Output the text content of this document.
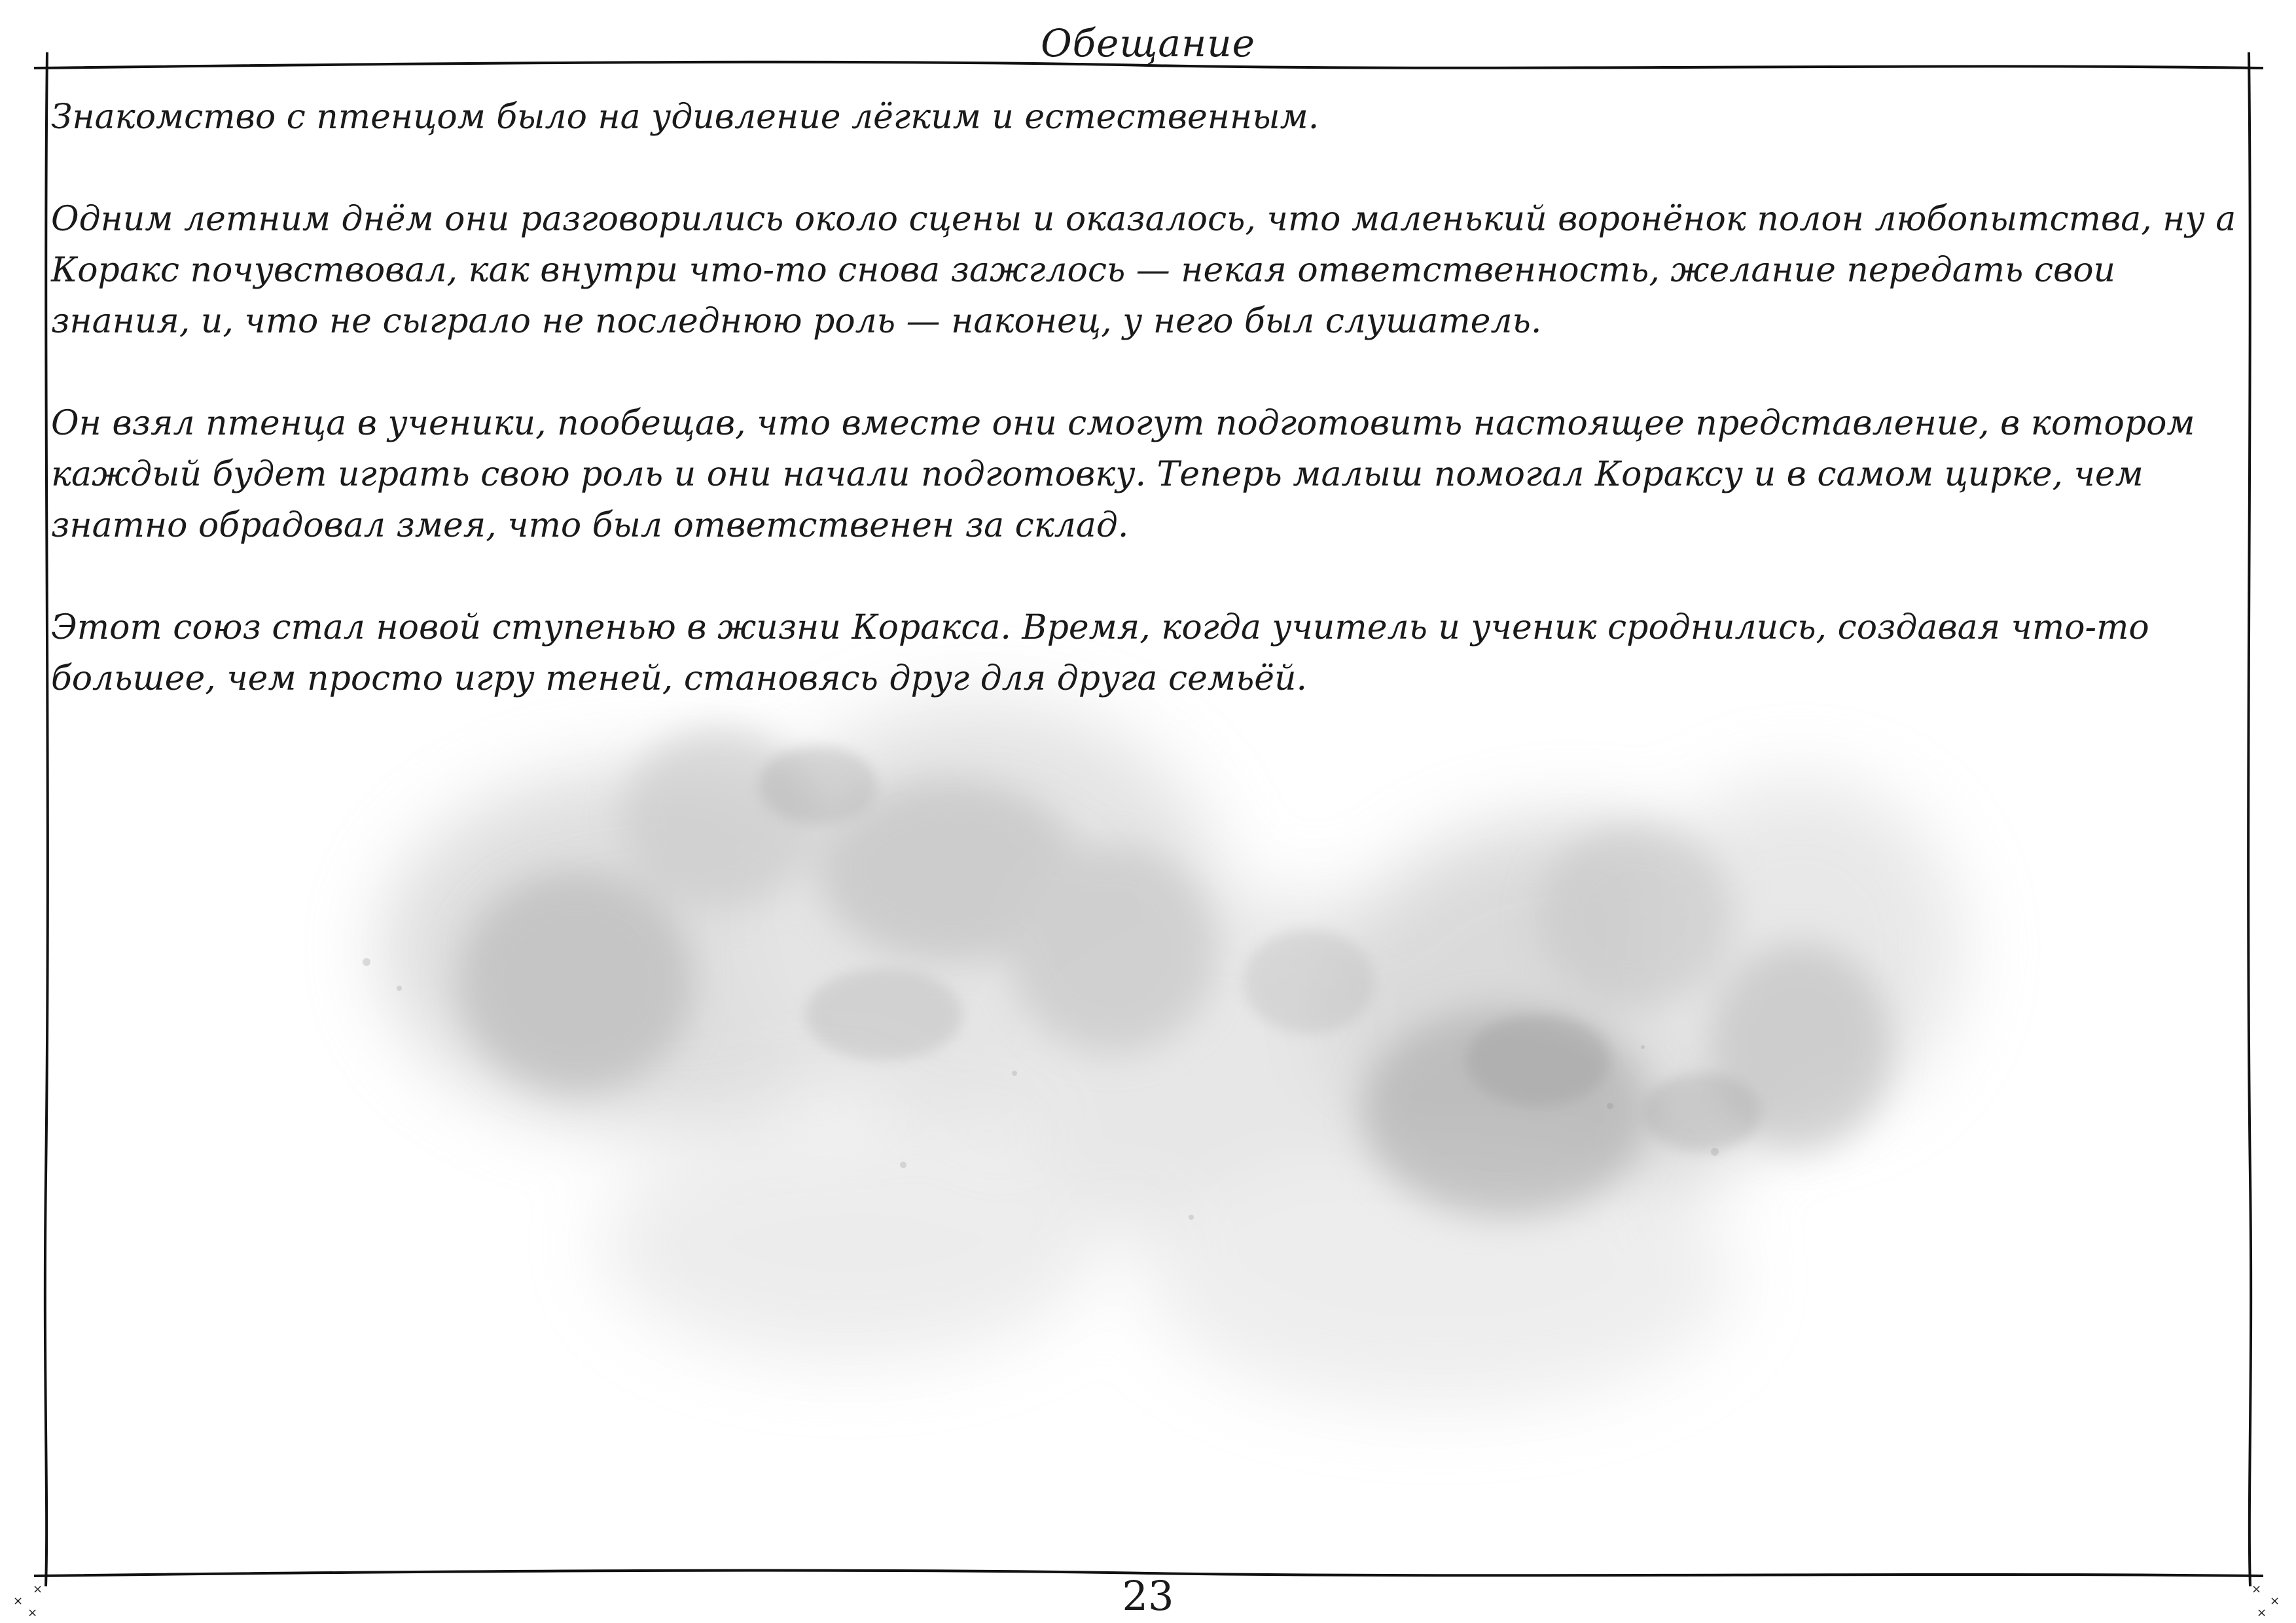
Обещание

Знакомство с птенцом было на удивление лёгким и естественным.

Одним летним днём они разговорились около сцены и оказалось, что маленький воронёнок полон любопытства, ну а Коракс почувствовал, как внутри что-то снова зажглось — некая ответственность, желание передать свои знания, и, что не сыграло не последнюю роль — наконец, у него был слушатель.

Он взял птенца в ученики, пообещав, что вместе они смогут подготовить настоящее представление, в котором каждый будет играть свою роль и они начали подготовку. Теперь малыш помогал Кораксу и в самом цирке, чем знатно обрадовал змея, что был ответственен за склад.

Этот союз стал новой ступенью в жизни Коракса. Время, когда учитель и ученик сроднились, создавая что-то большее, чем просто игру теней, становясь друг для друга семьёй.

23
×
×
×
×
×
×
